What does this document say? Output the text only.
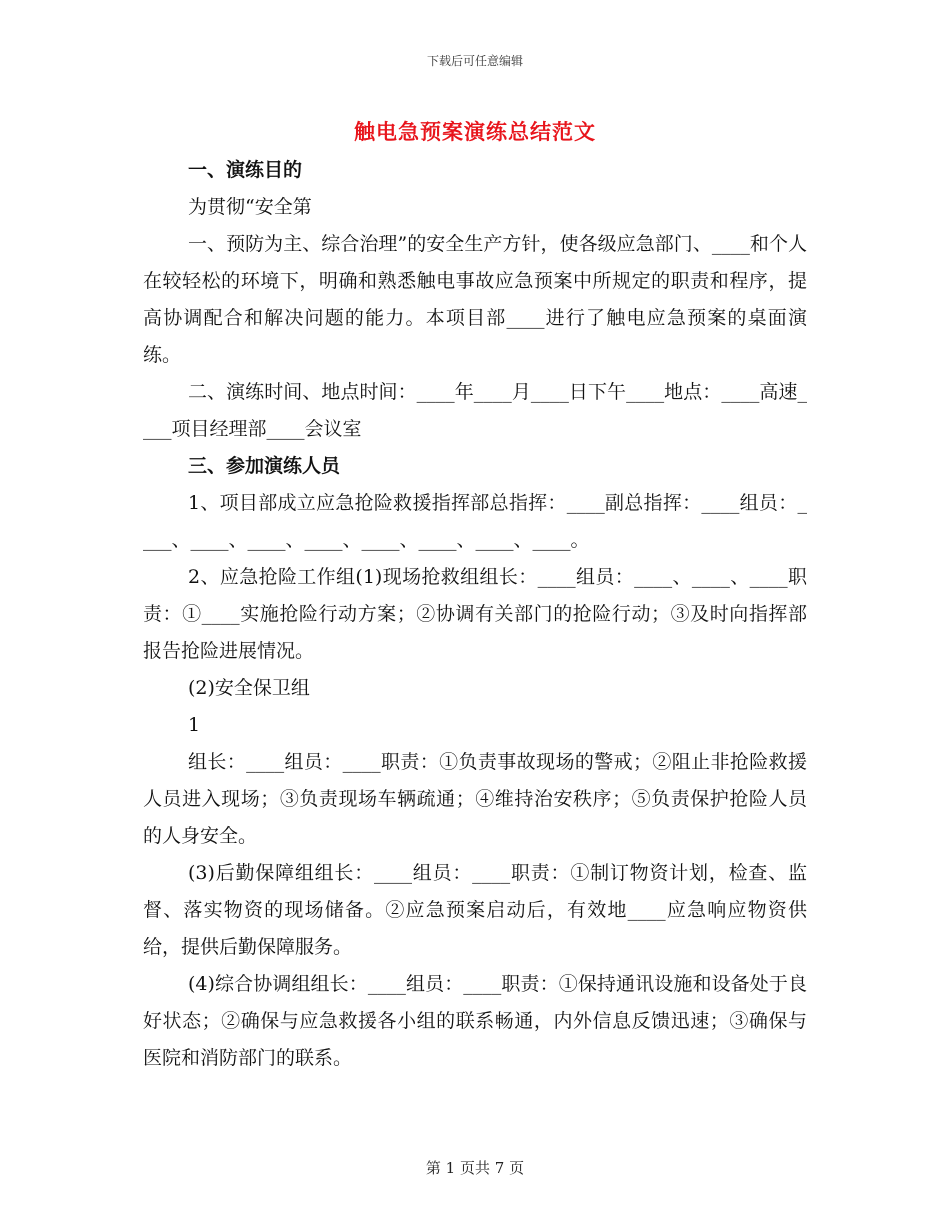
下载后可任意编辑
触电急预案演练总结范文

一、演练目的

为贯彻“安全第

一、预防为主、综合治理”的安全生产方针，使各级应急部门、____和个人在较轻松的环境下，明确和熟悉触电事故应急预案中所规定的职责和程序，提高协调配合和解决问题的能力。本项目部____进行了触电应急预案的桌面演练。

二、演练时间、地点时间：____年____月____日下午____地点：____高速____项目经理部____会议室

三、参加演练人员

1、项目部成立应急抢险救援指挥部总指挥：____副总指挥：____组员：____、____、____、____、____、____、____、____。

2、应急抢险工作组(1)现场抢救组组长：____组员：____、____、____职责：①____实施抢险行动方案；②协调有关部门的抢险行动；③及时向指挥部报告抢险进展情况。

(2)安全保卫组

1

组长：____组员：____职责：①负责事故现场的警戒；②阻止非抢险救援人员进入现场；③负责现场车辆疏通；④维持治安秩序；⑤负责保护抢险人员的人身安全。

(3)后勤保障组组长：____组员：____职责：①制订物资计划，检查、监督、落实物资的现场储备。②应急预案启动后，有效地____应急响应物资供给，提供后勤保障服务。

(4)综合协调组组长：____组员：____职责：①保持通讯设施和设备处于良好状态；②确保与应急救援各小组的联系畅通，内外信息反馈迅速；③确保与医院和消防部门的联系。

第 1 页共 7 页
